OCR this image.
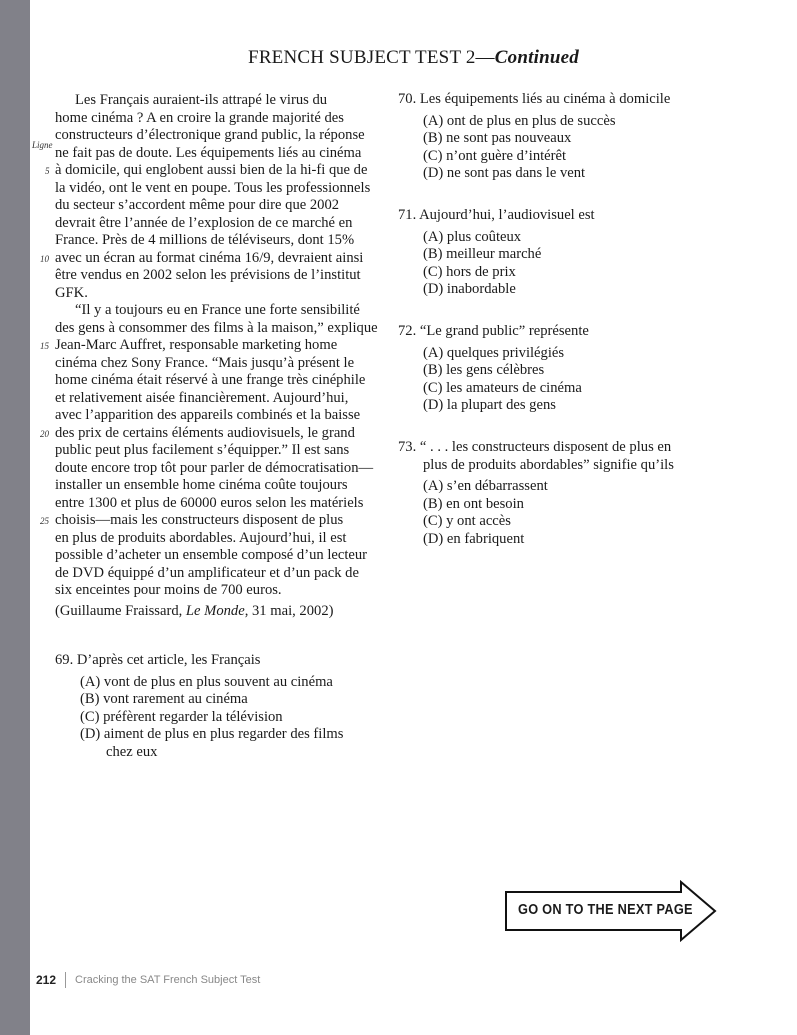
FRENCH SUBJECT TEST 2—Continued
Les Français auraient-ils attrapé le virus du
home cinéma ? A en croire la grande majorité des
constructeurs d’électronique grand public, la réponse
ne fait pas de doute. Les équipements liés au cinéma
à domicile, qui englobent aussi bien de la hi-fi que de
la vidéo, ont le vent en poupe. Tous les professionnels
du secteur s’accordent même pour dire que 2002
devrait être l’année de l’explosion de ce marché en
France. Près de 4 millions de téléviseurs, dont 15%
avec un écran au format cinéma 16/9, devraient ainsi
être vendus en 2002 selon les prévisions de l’institut
GFK.
“Il y a toujours eu en France une forte sensibilité
des gens à consommer des films à la maison,” explique
Jean-Marc Auffret, responsable marketing home
cinéma chez Sony France. “Mais jusqu’à présent le
home cinéma était réservé à une frange très cinéphile
et relativement aisée financièrement. Aujourd’hui,
avec l’apparition des appareils combinés et la baisse
des prix de certains éléments audiovisuels, le grand
public peut plus facilement s’équipper.” Il est sans
doute encore trop tôt pour parler de démocratisation—
installer un ensemble home cinéma coûte toujours
entre 1300 et plus de 60000 euros selon les matériels
choisis—mais les constructeurs disposent de plus
en plus de produits abordables. Aujourd’hui, il est
possible d’acheter un ensemble composé d’un lecteur
de DVD équippé d’un amplificateur et d’un pack de
six enceintes pour moins de 700 euros.
Ligne
5
10
15
20
25
(Guillaume Fraissard, Le Monde, 31 mai, 2002)
69. D’après cet article, les Français
(A) vont de plus en plus souvent au cinéma
(B) vont rarement au cinéma
(C) préfèrent regarder la télévision
(D) aiment de plus en plus regarder des films
chez eux
70. Les équipements liés au cinéma à domicile
(A) ont de plus en plus de succès
(B) ne sont pas nouveaux
(C) n’ont guère d’intérêt
(D) ne sont pas dans le vent
71. Aujourd’hui, l’audiovisuel est
(A) plus coûteux
(B) meilleur marché
(C) hors de prix
(D) inabordable
72. “Le grand public” représente
(A) quelques privilégiés
(B) les gens célèbres
(C) les amateurs de cinéma
(D) la plupart des gens
73. “ . . . les constructeurs disposent de plus en
plus de produits abordables” signifie qu’ils
(A) s’en débarrassent
(B) en ont besoin
(C) y ont accès
(D) en fabriquent
GO ON TO THE NEXT PAGE
212 Cracking the SAT French Subject Test
